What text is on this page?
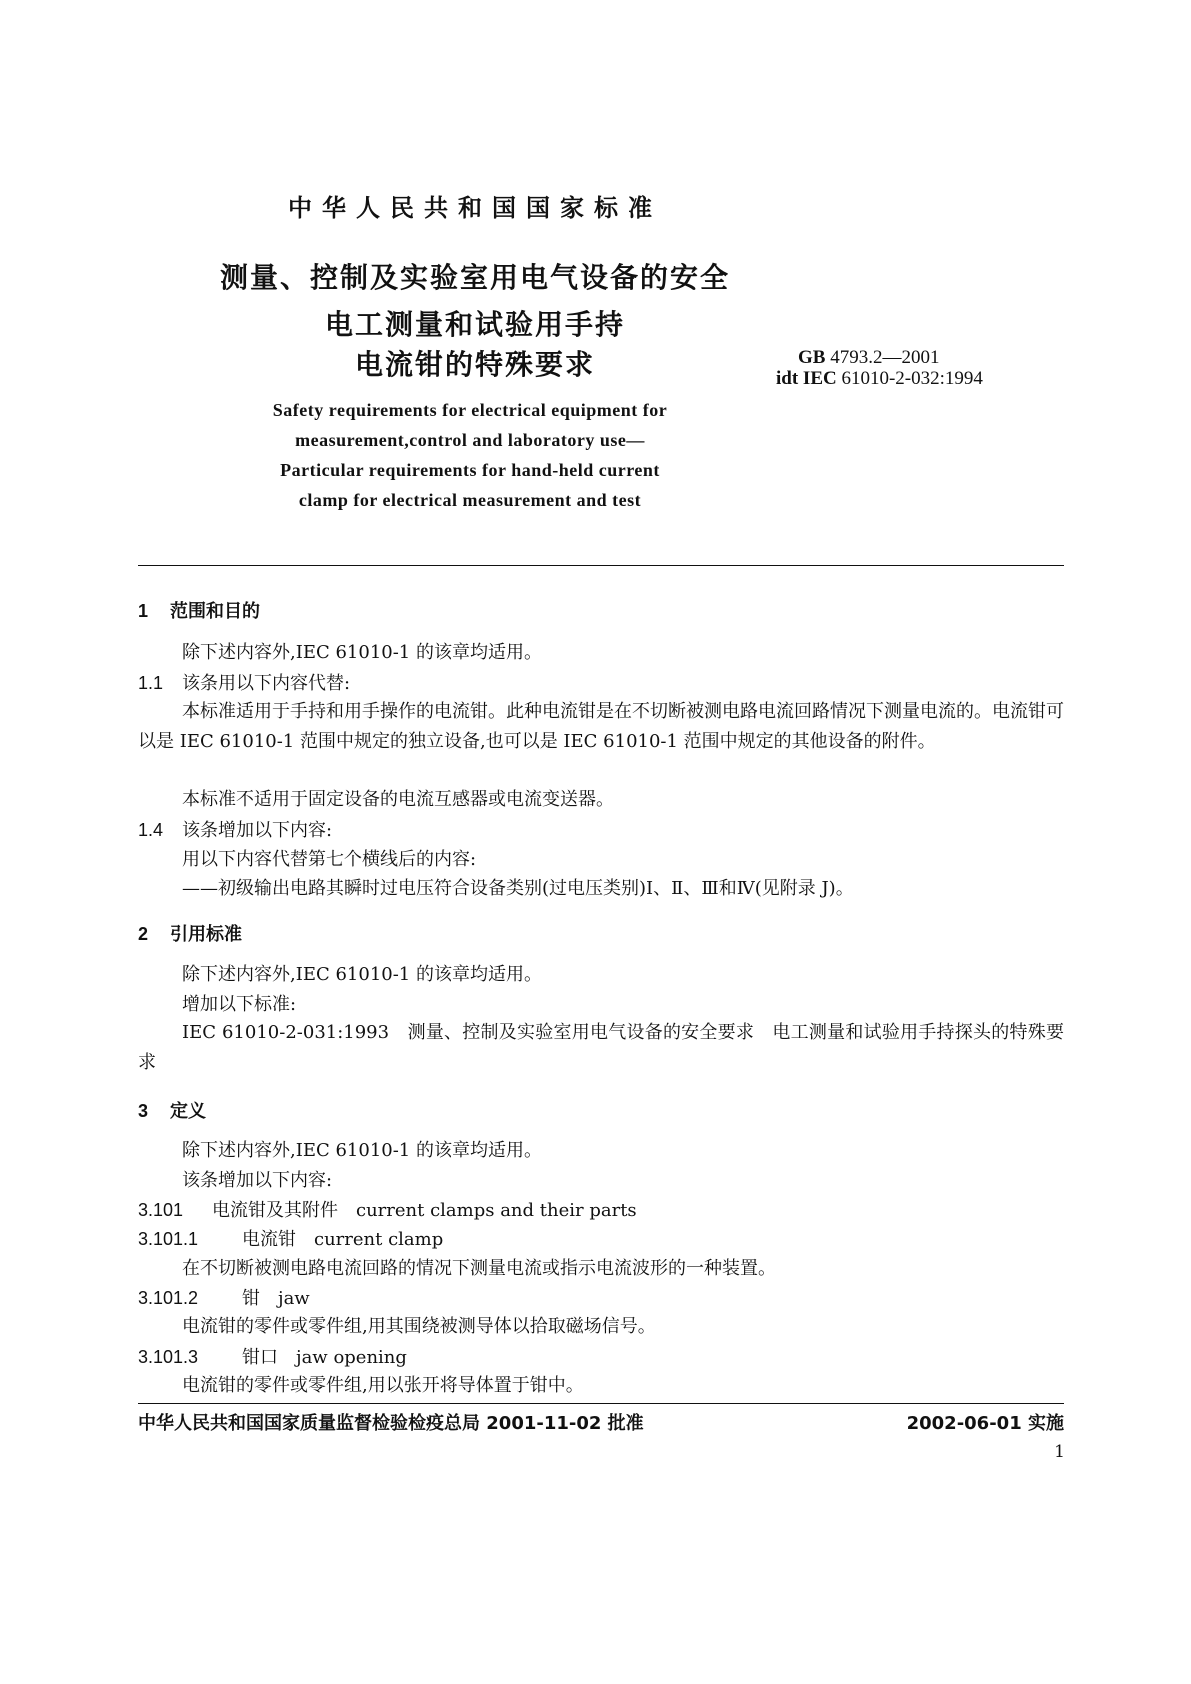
中华人民共和国国家标准
测量、控制及实验室用电气设备的安全
电工测量和试验用手持
电流钳的特殊要求	GB 4793.2—2001
idt IEC 61010-2-032:1994
Safety requirements for electrical equipment for
measurement,control and laboratory use—
Particular requirements for hand-held current
clamp for electrical measurement and test
1 范围和目的
除下述内容外,IEC 61010-1 的该章均适用。
1.1 该条用以下内容代替:
本标准适用于手持和用手操作的电流钳。此种电流钳是在不切断被测电路电流回路情况下测量电流的。电流钳可以是 IEC 61010-1 范围中规定的独立设备,也可以是 IEC 61010-1 范围中规定的其他设备的附件。
本标准不适用于固定设备的电流互感器或电流变送器。
1.4 该条增加以下内容:
用以下内容代替第七个横线后的内容:
——初级输出电路其瞬时过电压符合设备类别(过电压类别)Ⅰ、Ⅱ、Ⅲ和Ⅳ(见附录 J)。
2 引用标准
除下述内容外,IEC 61010-1 的该章均适用。
增加以下标准:
IEC 61010-2-031:1993　测量、控制及实验室用电气设备的安全要求　电工测量和试验用手持探头的特殊要求
3 定义
除下述内容外,IEC 61010-1 的该章均适用。
该条增加以下内容:
3.101 电流钳及其附件　current clamps and their parts
3.101.1 电流钳　current clamp
在不切断被测电路电流回路的情况下测量电流或指示电流波形的一种装置。
3.101.2 钳　jaw
电流钳的零件或零件组,用其围绕被测导体以拾取磁场信号。
3.101.3 钳口　jaw opening
电流钳的零件或零件组,用以张开将导体置于钳中。
中华人民共和国国家质量监督检验检疫总局 2001-11-02 批准	2002-06-01 实施
1
